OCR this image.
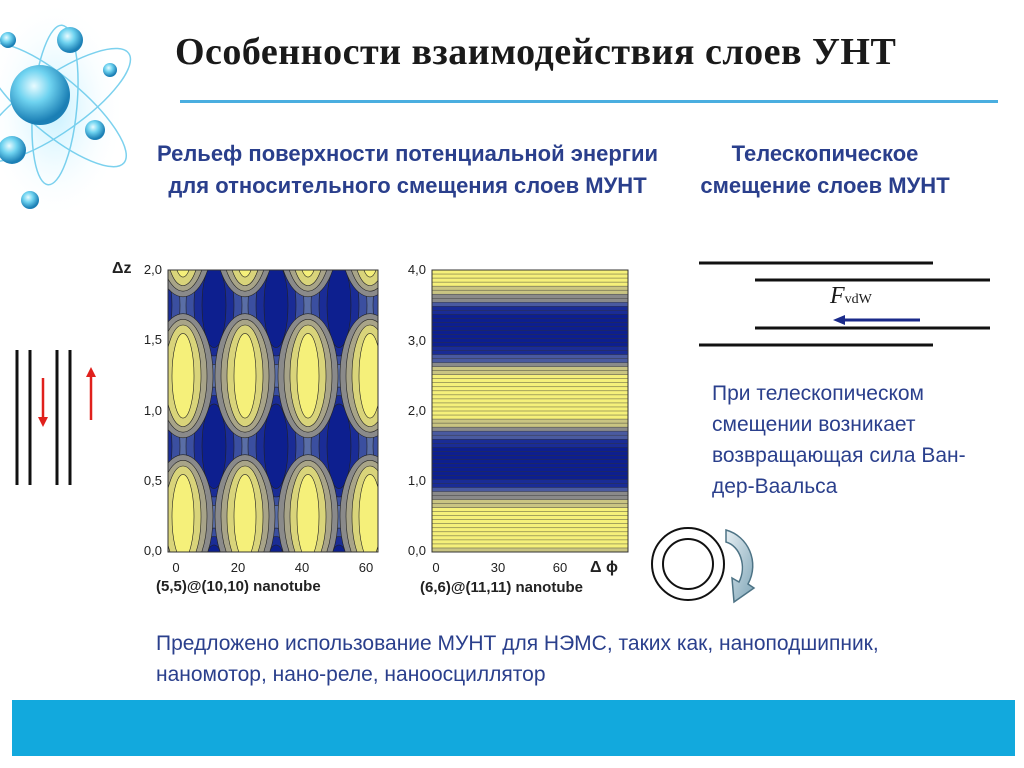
Особенности взаимодействия слоев УНТ
Рельеф поверхности потенциальной энергии для относительного смещения слоев МУНТ
Телескопическое смещение слоев МУНТ
Δz 2,0
1,5
1,0
0,5
0,0
0	20	40	60
(5,5)@(10,10) nanotube
4,0
3,0
2,0
1,0
0,0
0	30	60 Δ ϕ
(6,6)@(11,11) nanotube
FvdW
При телескопическом смещении возникает возвращающая сила Ван-дер-Ваальса
Предложено использование МУНТ для НЭМС, таких как, наноподшипник, наномотор, нано-реле, наноосциллятор
